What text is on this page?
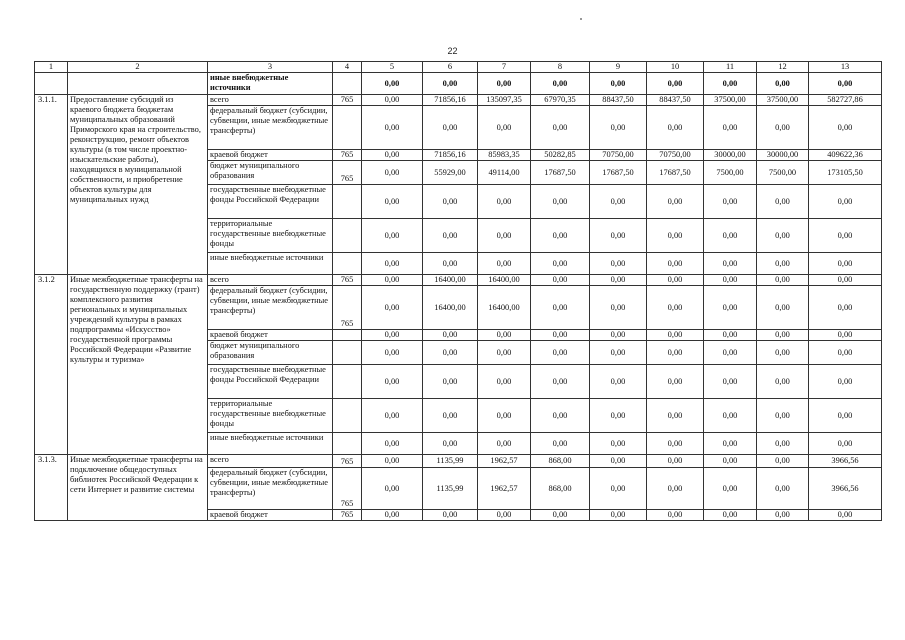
22
1	2	3	4	5	6	7	8	9	10	11	12	13
		иные внебюджетные источники		0,00	0,00	0,00	0,00	0,00	0,00	0,00	0,00	0,00
3.1.1.	Предоставление субсидий из краевого бюджета бюджетам муниципальных образований Приморского края на строительство, реконструкцию, ремонт объектов культуры (в том числе проектно-изыскательские работы), находящихся в муниципальной собственности, и приобретение объектов культуры для муниципальных нужд	всего	765	0,00	71856,16	135097,35	67970,35	88437,50	88437,50	37500,00	37500,00	582727,86
		федеральный бюджет (субсидии, субвенции, иные межбюджетные трансферты)		0,00	0,00	0,00	0,00	0,00	0,00	0,00	0,00	0,00
		краевой бюджет	765	0,00	71856,16	85983,35	50282,85	70750,00	70750,00	30000,00	30000,00	409622,36
		бюджет муниципального образования	765	0,00	55929,00	49114,00	17687,50	17687,50	17687,50	7500,00	7500,00	173105,50
		государственные внебюджетные фонды Российской Федерации		0,00	0,00	0,00	0,00	0,00	0,00	0,00	0,00	0,00
		территориальные государственные внебюджетные фонды		0,00	0,00	0,00	0,00	0,00	0,00	0,00	0,00	0,00
		иные внебюджетные источники		0,00	0,00	0,00	0,00	0,00	0,00	0,00	0,00	0,00
3.1.2	Иные межбюджетные трансферты на государственную поддержку (грант) комплексного развития региональных и муниципальных учреждений культуры в рамках подпрограммы «Искусство» государственной программы Российской Федерации «Развитие культуры и туризма»	всего	765	0,00	16400,00	16400,00	0,00	0,00	0,00	0,00	0,00	0,00
		федеральный бюджет (субсидии, субвенции, иные межбюджетные трансферты)	765	0,00	16400,00	16400,00	0,00	0,00	0,00	0,00	0,00	0,00
		краевой бюджет		0,00	0,00	0,00	0,00	0,00	0,00	0,00	0,00	0,00
		бюджет муниципального образования		0,00	0,00	0,00	0,00	0,00	0,00	0,00	0,00	0,00
		государственные внебюджетные фонды Российской Федерации		0,00	0,00	0,00	0,00	0,00	0,00	0,00	0,00	0,00
		территориальные государственные внебюджетные фонды		0,00	0,00	0,00	0,00	0,00	0,00	0,00	0,00	0,00
		иные внебюджетные источники		0,00	0,00	0,00	0,00	0,00	0,00	0,00	0,00	0,00
3.1.3.	Иные межбюджетные трансферты на подключение общедоступных библиотек Российской Федерации к сети Интернет и развитие системы	всего	765	0,00	1135,99	1962,57	868,00	0,00	0,00	0,00	0,00	3966,56
		федеральный бюджет (субсидии, субвенции, иные межбюджетные трансферты)	765	0,00	1135,99	1962,57	868,00	0,00	0,00	0,00	0,00	3966,56
		краевой бюджет	765	0,00	0,00	0,00	0,00	0,00	0,00	0,00	0,00	0,00
